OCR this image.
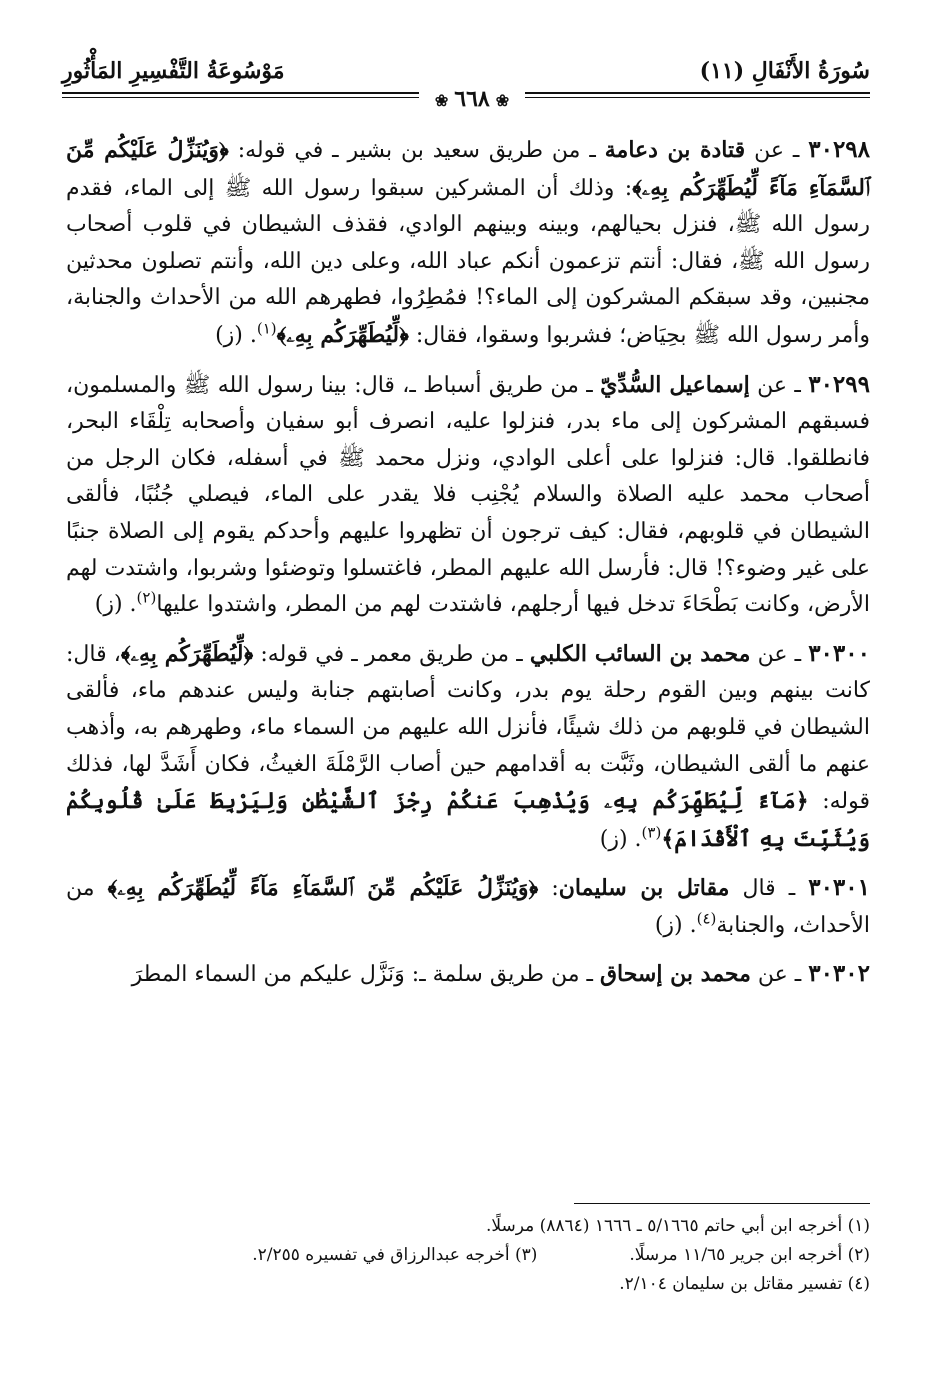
سُورَةُ الأَنْفَالِ (١١)
مَوْسُوعَةُ التَّفْسِيرِ المَأْثُورِ
❀٦٦٨❀

٣٠٢٩٨ ـ عن قتادة بن دعامة ـ من طريق سعيد بن بشير ـ في قوله: ﴿وَيُنَزِّلُ عَلَيْكُم مِّنَ ٱلسَّمَآءِ مَآءً لِّيُطَهِّرَكُم بِهِۦ﴾: وذلك أن المشركين سبقوا رسول الله ﷺ إلى الماء، فقدم رسول الله ﷺ، فنزل بحيالهم، وبينه وبينهم الوادي، فقذف الشيطان في قلوب أصحاب رسول الله ﷺ، فقال: أنتم تزعمون أنكم عباد الله، وعلى دين الله، وأنتم تصلون محدثين مجنبين، وقد سبقكم المشركون إلى الماء؟! فمُطِرُوا، فطهرهم الله من الأحداث والجنابة، وأمر رسول الله ﷺ بحِيَاض؛ فشربوا وسقوا، فقال: ﴿لِّيُطَهِّرَكُم بِهِۦ﴾$^{(١)}$. (ز)

٣٠٢٩٩ ـ عن إسماعيل السُّدِّيّ ـ من طريق أسباط ـ، قال: بينا رسول الله ﷺ والمسلمون، فسبقهم المشركون إلى ماء بدر، فنزلوا عليه، انصرف أبو سفيان وأصحابه تِلْقَاء البحر، فانطلقوا. قال: فنزلوا على أعلى الوادي، ونزل محمد ﷺ في أسفله، فكان الرجل من أصحاب محمد عليه الصلاة والسلام يُجْنِب فلا يقدر على الماء، فيصلي جُنُبًا، فألقى الشيطان في قلوبهم، فقال: كيف ترجون أن تظهروا عليهم وأحدكم يقوم إلى الصلاة جنبًا على غير وضوء؟! قال: فأرسل الله عليهم المطر، فاغتسلوا وتوضئوا وشربوا، واشتدت لهم الأرض، وكانت بَطْحَاءَ تدخل فيها أرجلهم، فاشتدت لهم من المطر، واشتدوا عليها$^{(٢)}$. (ز)

٣٠٣٠٠ ـ عن محمد بن السائب الكلبي ـ من طريق معمر ـ في قوله: ﴿لِّيُطَهِّرَكُم بِهِۦ﴾، قال: كانت بينهم وبين القوم رحلة يوم بدر، وكانت أصابتهم جنابة وليس عندهم ماء، فألقى الشيطان في قلوبهم من ذلك شيئًا، فأنزل الله عليهم من السماء ماء، وطهرهم به، وأذهب عنهم ما ألقى الشيطان، وثَبَّت به أقدامهم حين أصاب الرَّمْلَةَ الغيثُ، فكان أَشَدَّ لها، فذلك قوله: ﴿مَآءً لِّيُطَهِّرَكُم بِهِۦ وَيُذْهِبَ عَنكُمْ رِجْزَ ٱلشَّيْطَٰنِ وَلِيَرْبِطَ عَلَىٰ قُلُوبِكُمْ وَيُثَبِّتَ بِهِ ٱلْأَقْدَامَ﴾$^{(٣)}$. (ز)

٣٠٣٠١ ـ قال مقاتل بن سليمان: ﴿وَيُنَزِّلُ عَلَيْكُم مِّنَ ٱلسَّمَآءِ مَآءً لِّيُطَهِّرَكُم بِهِۦ﴾ من الأحداث، والجنابة$^{(٤)}$. (ز)

٣٠٣٠٢ ـ عن محمد بن إسحاق ـ من طريق سلمة ـ: وَنَزَّل عليكم من السماء المطرَ

(١) أخرجه ابن أبي حاتم ٥/١٦٦٥ ـ ١٦٦٦ (٨٨٦٤) مرسلًا.
(٢) أخرجه ابن جرير ١١/٦٥ مرسلًا.
(٣) أخرجه عبدالرزاق في تفسيره ٢/٢٥٥.
(٤) تفسير مقاتل بن سليمان ٢/١٠٤.
